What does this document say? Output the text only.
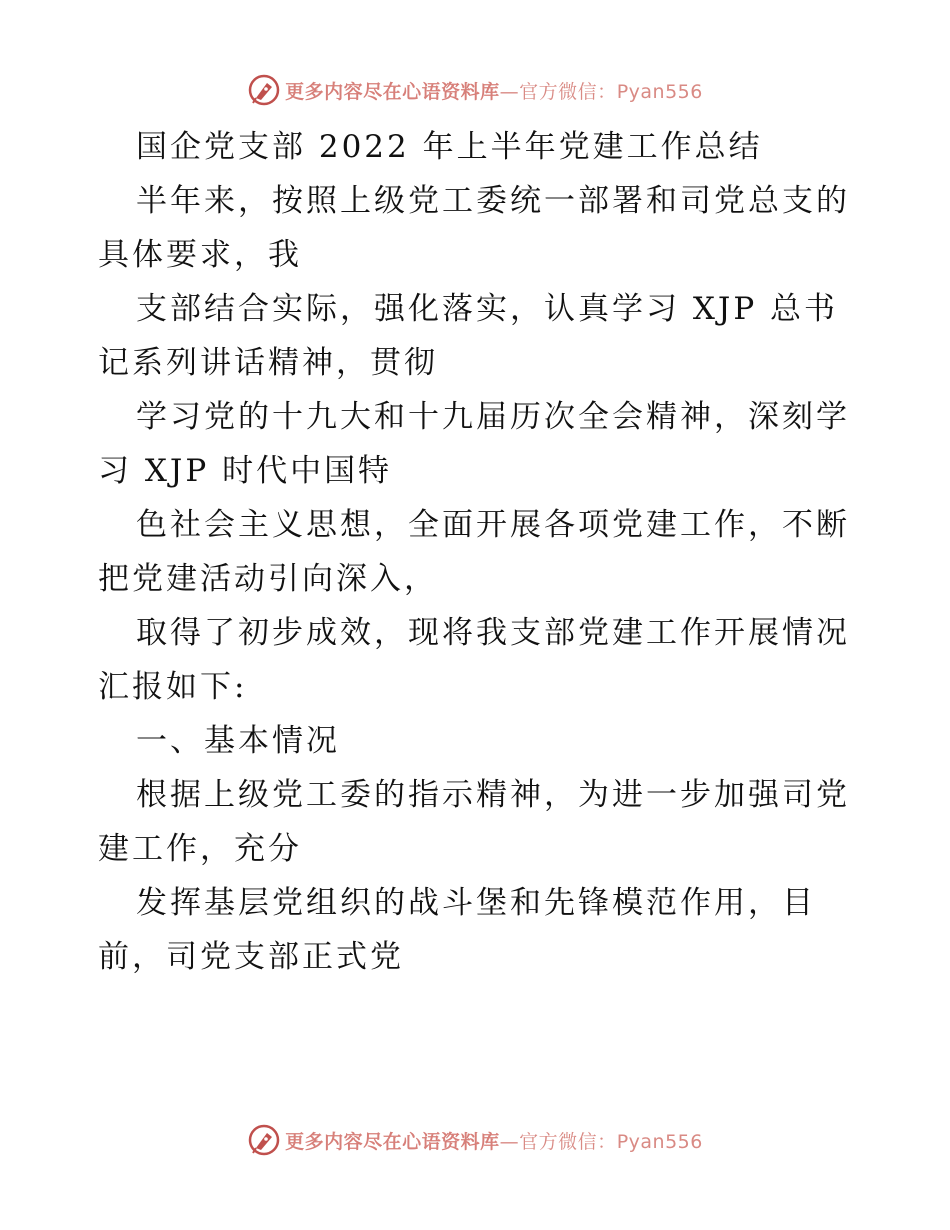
更多内容尽在心语资料库—官方微信：Pyan556
国企党支部 2022 年上半年党建工作总结
半年来，按照上级党工委统一部署和司党总支的
具体要求，我
支部结合实际，强化落实，认真学习 XJP 总书
记系列讲话精神，贯彻
学习党的十九大和十九届历次全会精神，深刻学
习 XJP 时代中国特
色社会主义思想，全面开展各项党建工作，不断
把党建活动引向深入，
取得了初步成效，现将我支部党建工作开展情况
汇报如下:
一、基本情况
根据上级党工委的指示精神，为进一步加强司党
建工作，充分
发挥基层党组织的战斗堡和先锋模范作用，目
前，司党支部正式党
更多内容尽在心语资料库—官方微信：Pyan556
